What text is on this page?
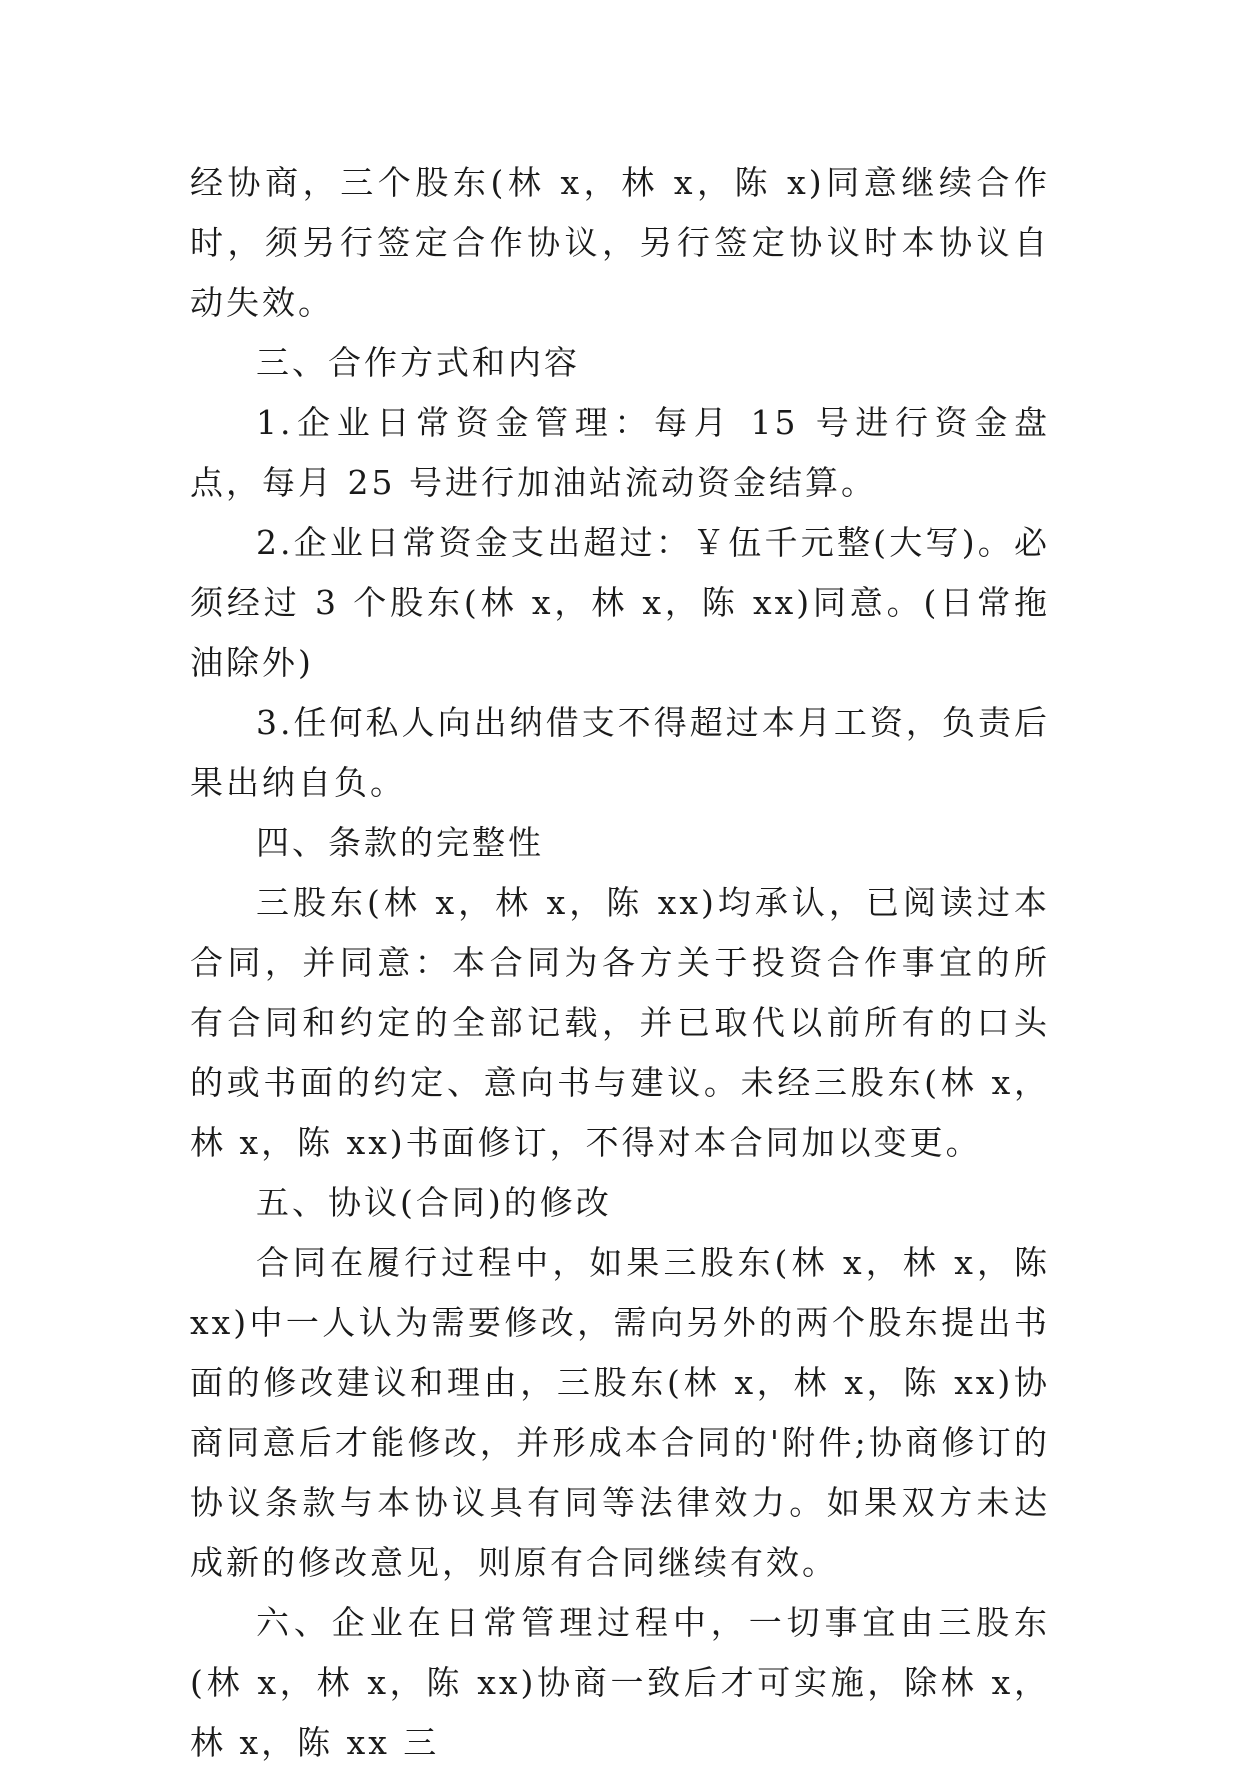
经协商，三个股东(林 x，林 x，陈 x)同意继续合作时，须另行签定合作协议，另行签定协议时本协议自动失效。

三、合作方式和内容

1.企业日常资金管理：每月 15 号进行资金盘点，每月 25 号进行加油站流动资金结算。

2.企业日常资金支出超过：￥伍千元整(大写)。必须经过 3 个股东(林 x，林 x，陈 xx)同意。(日常拖油除外)

3.任何私人向出纳借支不得超过本月工资，负责后果出纳自负。

四、条款的完整性

三股东(林 x，林 x，陈 xx)均承认，已阅读过本合同，并同意：本合同为各方关于投资合作事宜的所有合同和约定的全部记载，并已取代以前所有的口头的或书面的约定、意向书与建议。未经三股东(林 x，林 x，陈 xx)书面修订，不得对本合同加以变更。

五、协议(合同)的修改

合同在履行过程中，如果三股东(林 x，林 x，陈 xx)中一人认为需要修改，需向另外的两个股东提出书面的修改建议和理由，三股东(林 x，林 x，陈 xx)协商同意后才能修改，并形成本合同的'附件;协商修订的协议条款与本协议具有同等法律效力。如果双方未达成新的修改意见，则原有合同继续有效。

六、企业在日常管理过程中，一切事宜由三股东(林 x，林 x，陈 xx)协商一致后才可实施，除林 x，林 x，陈 xx 三
